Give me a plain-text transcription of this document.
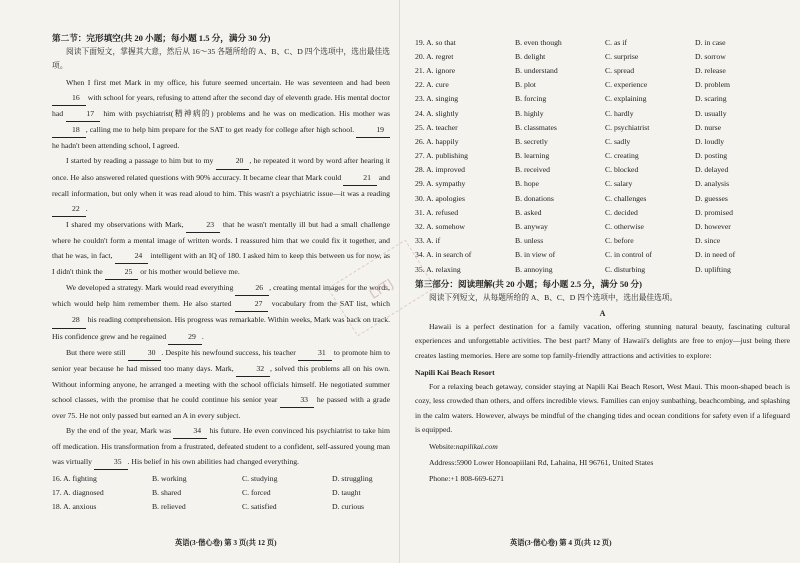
第二节：完形填空(共 20 小题；每小题 1.5 分，满分 30 分)

阅读下面短文，掌握其大意，然后从 16～35 各题所给的 A、B、C、D 四个选项中，选出最佳选项。

When I first met Mark in my office, his future seemed uncertain. He was seventeen and had been 16 with school for years, refusing to attend after the second day of eleventh grade. His mental doctor had	17 him with psychiatrist(精神病的) problems and he was on medication. His mother was 18 , calling me to help him prepare for the SAT to get ready for college after high school.	19 he hadn't been attending school, I agreed.

I started by reading a passage to him but to my	20 , he repeated it word by word after hearing it once. He also answered related questions with 90% accuracy. It became clear that Mark could	21 and recall information, but only when it was read aloud to him. This wasn't a psychiatric issue—it was a reading 22 .

I shared my observations with Mark,	23 that he wasn't mentally ill but had a small challenge where he couldn't form a mental image of written words. I reassured him that we could fix it together, and that he was, in fact,	24 intelligent with an IQ of 180. I asked him to keep this between us for now, as I didn't think the	25 or his mother would believe me.

We developed a strategy. Mark would read everything	26 , creating mental images for the words, which would help him remember them. He also started	27 vocabulary from the SAT list, which 28 his reading comprehension. His progress was remarkable. Within weeks, Mark was back on track. His confidence grew and he regained	29 .

But there were still	30 . Despite his newfound success, his teacher	31 to promote him to senior year because he had missed too many days. Mark,	32 , solved this problems all on his own. Without informing anyone, he arranged a meeting with the school officials himself. He negotiated summer school classes, with the promise that he could continue his senior year	33 he passed with a grade over 75. He not only passed but earned an A in every subject.

By the end of the year, Mark was	34 his future. He even convinced his psychiatrist to take him off medication. His transformation from a frustrated, defeated student to a confident, self-assured young man was virtually	35 . His belief in his own abilities had changed everything.

16. A. fighting	B. working	C. studying	D. struggling
17. A. diagnosed	B. shared	C. forced	D. taught
18. A. anxious	B. relieved	C. satisfied	D. curious
英语(3·偕心卷) 第 3 页(共 12 页)
19. A. so that	B. even though	C. as if	D. in case
20. A. regret	B. delight	C. surprise	D. sorrow
21. A. ignore	B. understand	C. spread	D. release
22. A. cure	B. plot	C. experience	D. problem
23. A. singing	B. forcing	C. explaining	D. scaring
24. A. slightly	B. highly	C. hardly	D. usually
25. A. teacher	B. classmates	C. psychiatrist	D. nurse
26. A. happily	B. secretly	C. sadly	D. loudly
27. A. publishing	B. learning	C. creating	D. posting
28. A. improved	B. received	C. blocked	D. delayed
29. A. sympathy	B. hope	C. salary	D. analysis
30. A. apologies	B. donations	C. challenges	D. guesses
31. A. refused	B. asked	C. decided	D. promised
32. A. somehow	B. anyway	C. otherwise	D. however
33. A. if	B. unless	C. before	D. since
34. A. in search of	B. in view of	C. in control of	D. in need of
35. A. relaxing	B. annoying	C. disturbing	D. uplifting
第三部分：阅读理解(共 20 小题；每小题 2.5 分，满分 50 分)

阅读下列短文，从每题所给的 A、B、C、D 四个选项中，选出最佳选项。

A

Hawaii is a perfect destination for a family vacation, offering stunning natural beauty, fascinating cultural experiences and unforgettable activities. The best part? Many of Hawaii's delights are free to enjoy—just being there creates lasting memories. Here are some top family-friendly attractions and activities to explore:

Napili Kai Beach Resort

For a relaxing beach getaway, consider staying at Napili Kai Beach Resort, West Maui. This moon-shaped beach is cozy, less crowded than others, and offers incredible views. Families can enjoy sunbathing, beachcombing, and splashing in the calm waters. However, always be mindful of the changing tides and ocean conditions for safety even if a lifeguard is equipped.

Website:napilikai.com

Address:5900 Lower Honoapiilani Rd, Lahaina, HI 96761, United States

Phone:+1 808-669-6271

英语(3·偕心卷) 第 4 页(共 12 页)
LYTJ
